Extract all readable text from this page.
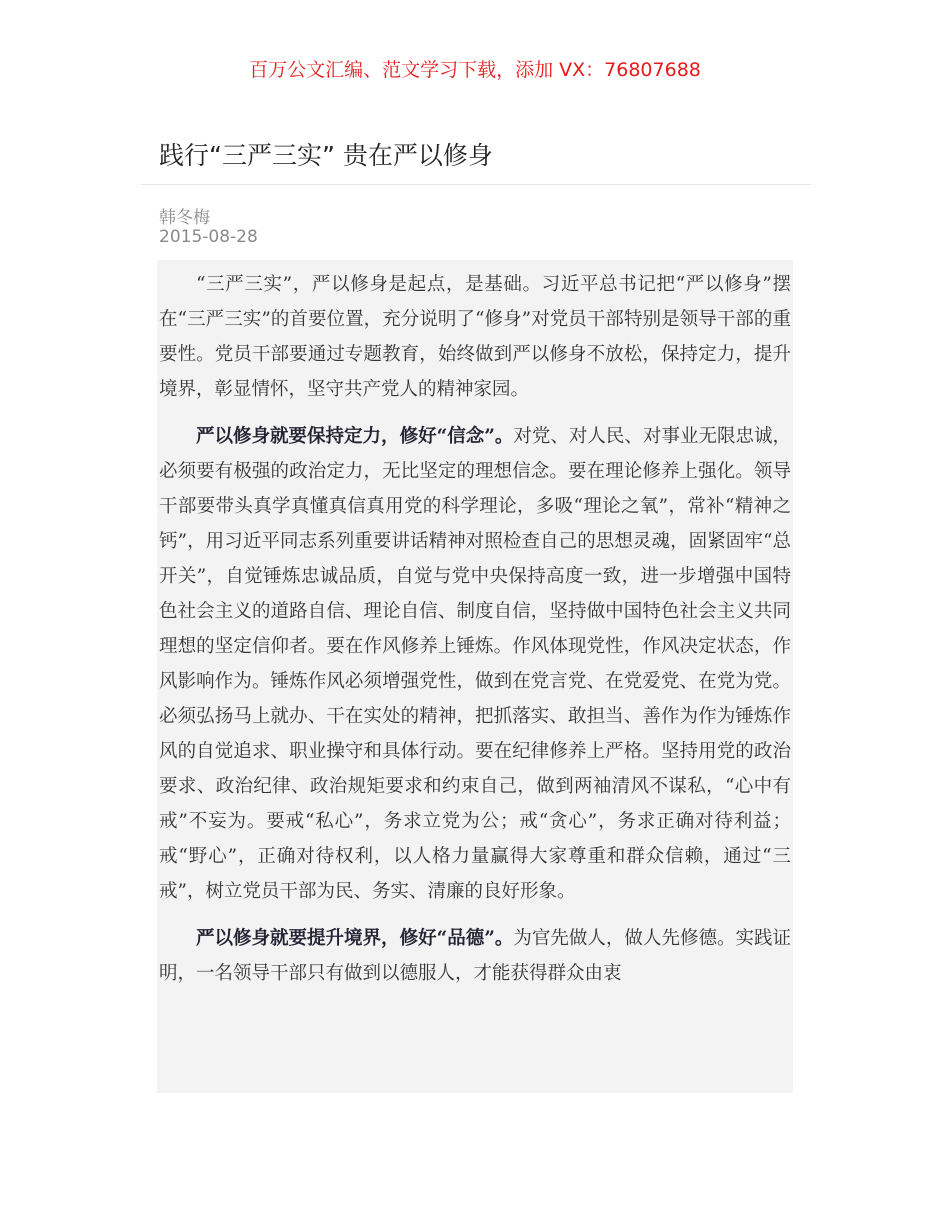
百万公文汇编、范文学习下载，添加 VX：76807688
践行“三严三实” 贵在严以修身
韩冬梅
2015-08-28

“三严三实”，严以修身是起点，是基础。习近平总书记把“严以修身”摆在“三严三实”的首要位置，充分说明了“修身”对党员干部特别是领导干部的重要性。党员干部要通过专题教育，始终做到严以修身不放松，保持定力，提升境界，彰显情怀，坚守共产党人的精神家园。

严以修身就要保持定力，修好“信念”。对党、对人民、对事业无限忠诚，必须要有极强的政治定力，无比坚定的理想信念。要在理论修养上强化。领导干部要带头真学真懂真信真用党的科学理论，多吸“理论之氧”，常补“精神之钙”，用习近平同志系列重要讲话精神对照检查自己的思想灵魂，固紧固牢“总开关”，自觉锤炼忠诚品质，自觉与党中央保持高度一致，进一步增强中国特色社会主义的道路自信、理论自信、制度自信，坚持做中国特色社会主义共同理想的坚定信仰者。要在作风修养上锤炼。作风体现党性，作风决定状态，作风影响作为。锤炼作风必须增强党性，做到在党言党、在党爱党、在党为党。必须弘扬马上就办、干在实处的精神，把抓落实、敢担当、善作为作为锤炼作风的自觉追求、职业操守和具体行动。要在纪律修养上严格。坚持用党的政治要求、政治纪律、政治规矩要求和约束自己，做到两袖清风不谋私，“心中有戒”不妄为。要戒“私心”，务求立党为公；戒“贪心”，务求正确对待利益；戒“野心”，正确对待权利，以人格力量赢得大家尊重和群众信赖，通过“三戒”，树立党员干部为民、务实、清廉的良好形象。

严以修身就要提升境界，修好“品德”。为官先做人，做人先修德。实践证明，一名领导干部只有做到以德服人，才能获得群众由衷
